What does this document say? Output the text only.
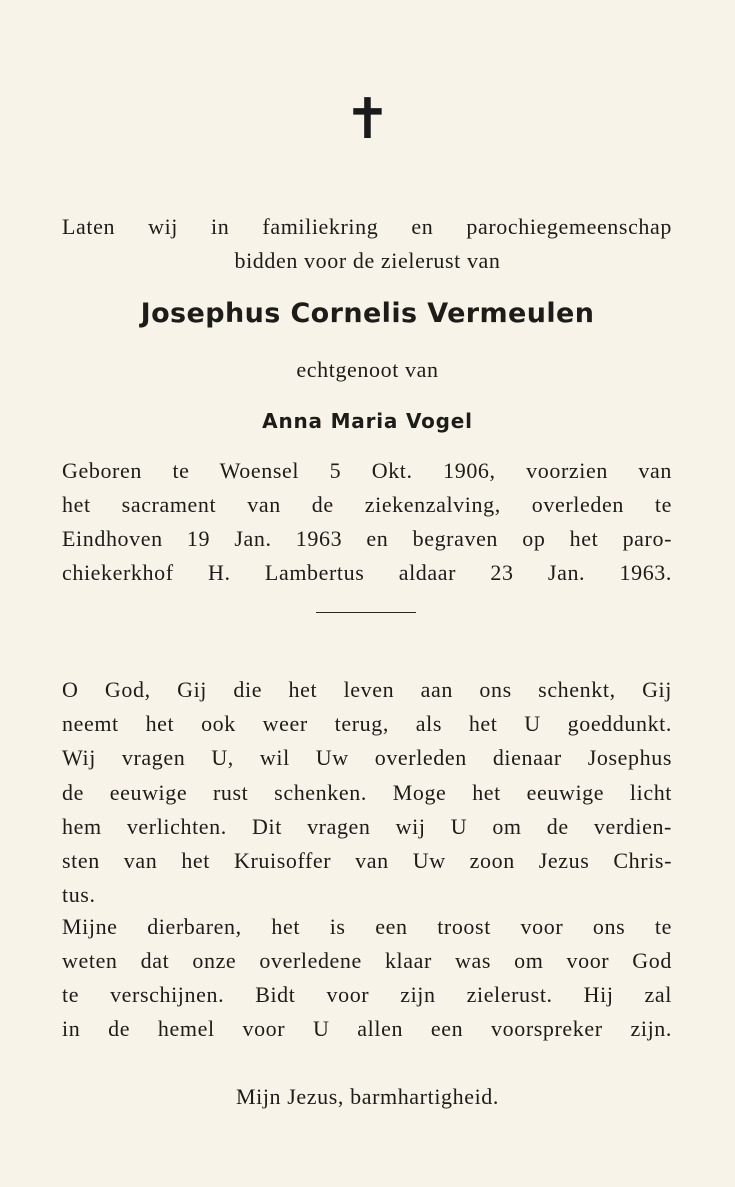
✝
Laten wij in familiekring en parochiegemeenschap
bidden voor de zielerust van
Josephus Cornelis Vermeulen
echtgenoot van
Anna Maria Vogel
Geboren te Woensel 5 Okt. 1906, voorzien van
het sacrament van de ziekenzalving, overleden te
Eindhoven 19 Jan. 1963 en begraven op het paro-
chiekerkhof H. Lambertus aldaar 23 Jan. 1963.
O God, Gij die het leven aan ons schenkt, Gij
neemt het ook weer terug, als het U goeddunkt.
Wij vragen U, wil Uw overleden dienaar Josephus
de eeuwige rust schenken. Moge het eeuwige licht
hem verlichten. Dit vragen wij U om de verdien-
sten van het Kruisoffer van Uw zoon Jezus Chris-
tus.
Mijne dierbaren, het is een troost voor ons te
weten dat onze overledene klaar was om voor God
te verschijnen. Bidt voor zijn zielerust. Hij zal
in de hemel voor U allen een voorspreker zijn.
Mijn Jezus, barmhartigheid.
